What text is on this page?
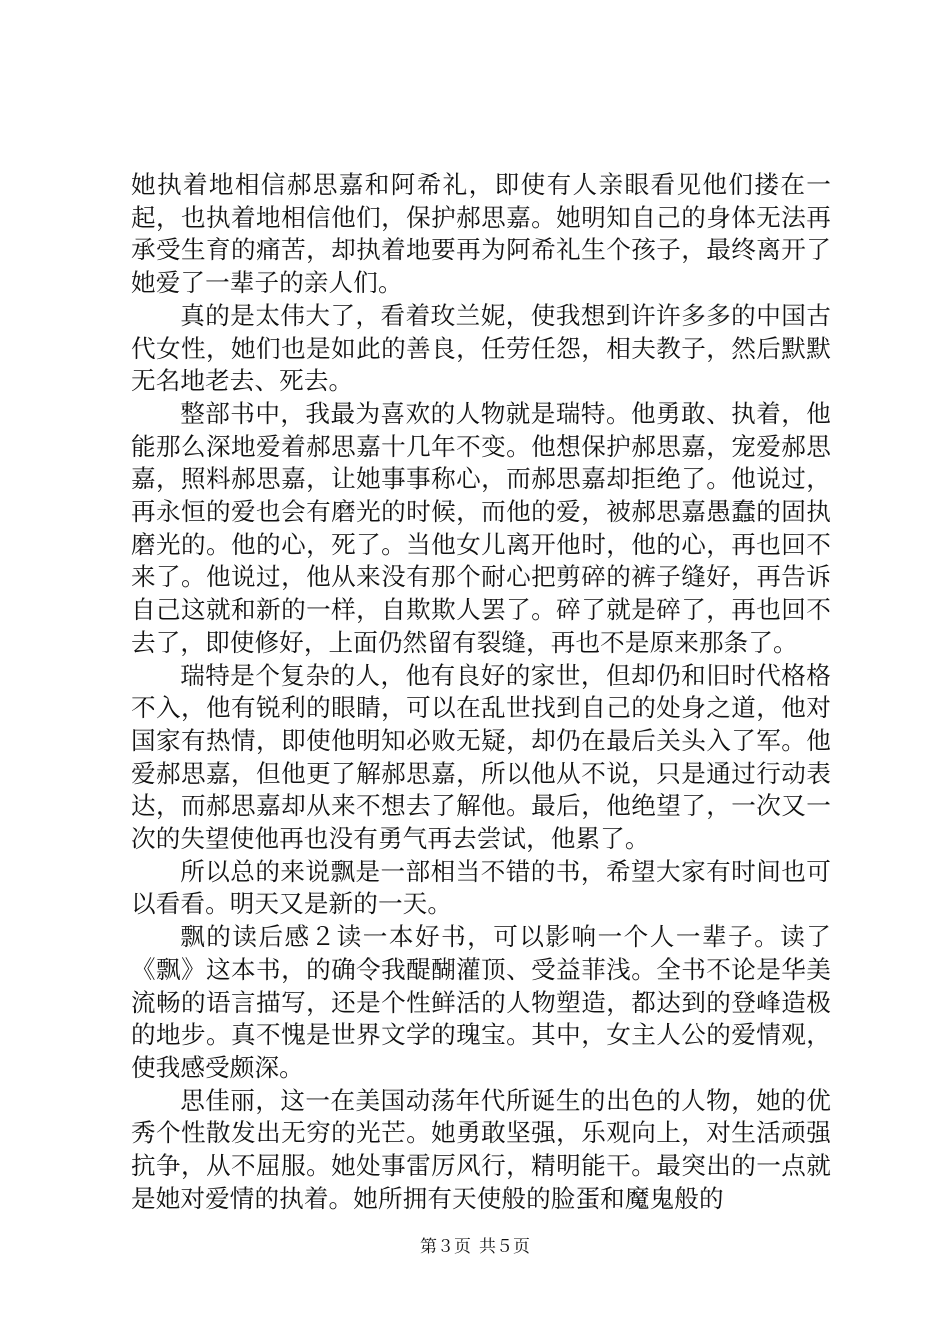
她执着地相信郝思嘉和阿希礼，即使有人亲眼看见他们搂在一起，也执着地相信他们，保护郝思嘉。她明知自己的身体无法再承受生育的痛苦，却执着地要再为阿希礼生个孩子，最终离开了她爱了一辈子的亲人们。

真的是太伟大了，看着玫兰妮，使我想到许许多多的中国古代女性，她们也是如此的善良，任劳任怨，相夫教子，然后默默无名地老去、死去。

整部书中，我最为喜欢的人物就是瑞特。他勇敢、执着，他能那么深地爱着郝思嘉十几年不变。他想保护郝思嘉，宠爱郝思嘉，照料郝思嘉，让她事事称心，而郝思嘉却拒绝了。他说过，再永恒的爱也会有磨光的时候，而他的爱，被郝思嘉愚蠢的固执磨光的。他的心，死了。当他女儿离开他时，他的心，再也回不来了。他说过，他从来没有那个耐心把剪碎的裤子缝好，再告诉自己这就和新的一样，自欺欺人罢了。碎了就是碎了，再也回不去了，即使修好，上面仍然留有裂缝，再也不是原来那条了。

瑞特是个复杂的人，他有良好的家世，但却仍和旧时代格格不入，他有锐利的眼睛，可以在乱世找到自己的处身之道，他对国家有热情，即使他明知必败无疑，却仍在最后关头入了军。他爱郝思嘉，但他更了解郝思嘉，所以他从不说，只是通过行动表达，而郝思嘉却从来不想去了解他。最后，他绝望了，一次又一次的失望使他再也没有勇气再去尝试，他累了。

所以总的来说飘是一部相当不错的书，希望大家有时间也可以看看。明天又是新的一天。

飘的读后感２读一本好书，可以影响一个人一辈子。读了《飘》这本书，的确令我醍醐灌顶、受益菲浅。全书不论是华美流畅的语言描写，还是个性鲜活的人物塑造，都达到的登峰造极的地步。真不愧是世界文学的瑰宝。其中，女主人公的爱情观，使我感受颇深。

思佳丽，这一在美国动荡年代所诞生的出色的人物，她的优秀个性散发出无穷的光芒。她勇敢坚强，乐观向上，对生活顽强抗争，从不屈服。她处事雷厉风行，精明能干。最突出的一点就是她对爱情的执着。她所拥有天使般的脸蛋和魔鬼般的

第３页 共５页
